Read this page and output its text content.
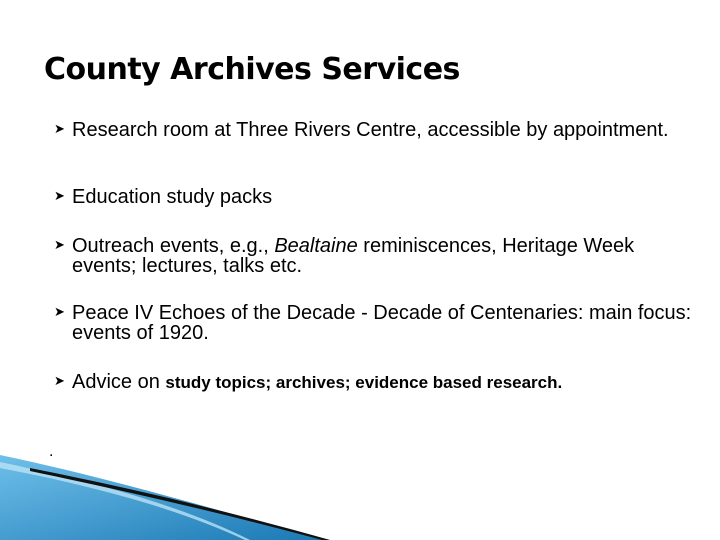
County Archives Services
➤ Research room at Three Rivers Centre, accessible by appointment.
➤ Education study packs
➤ Outreach events, e.g., Bealtaine reminiscences, Heritage Week events; lectures, talks etc.
➤ Peace IV Echoes of the Decade - Decade of Centenaries: main focus: events of 1920.
➤ Advice on study topics; archives; evidence based research.
.
